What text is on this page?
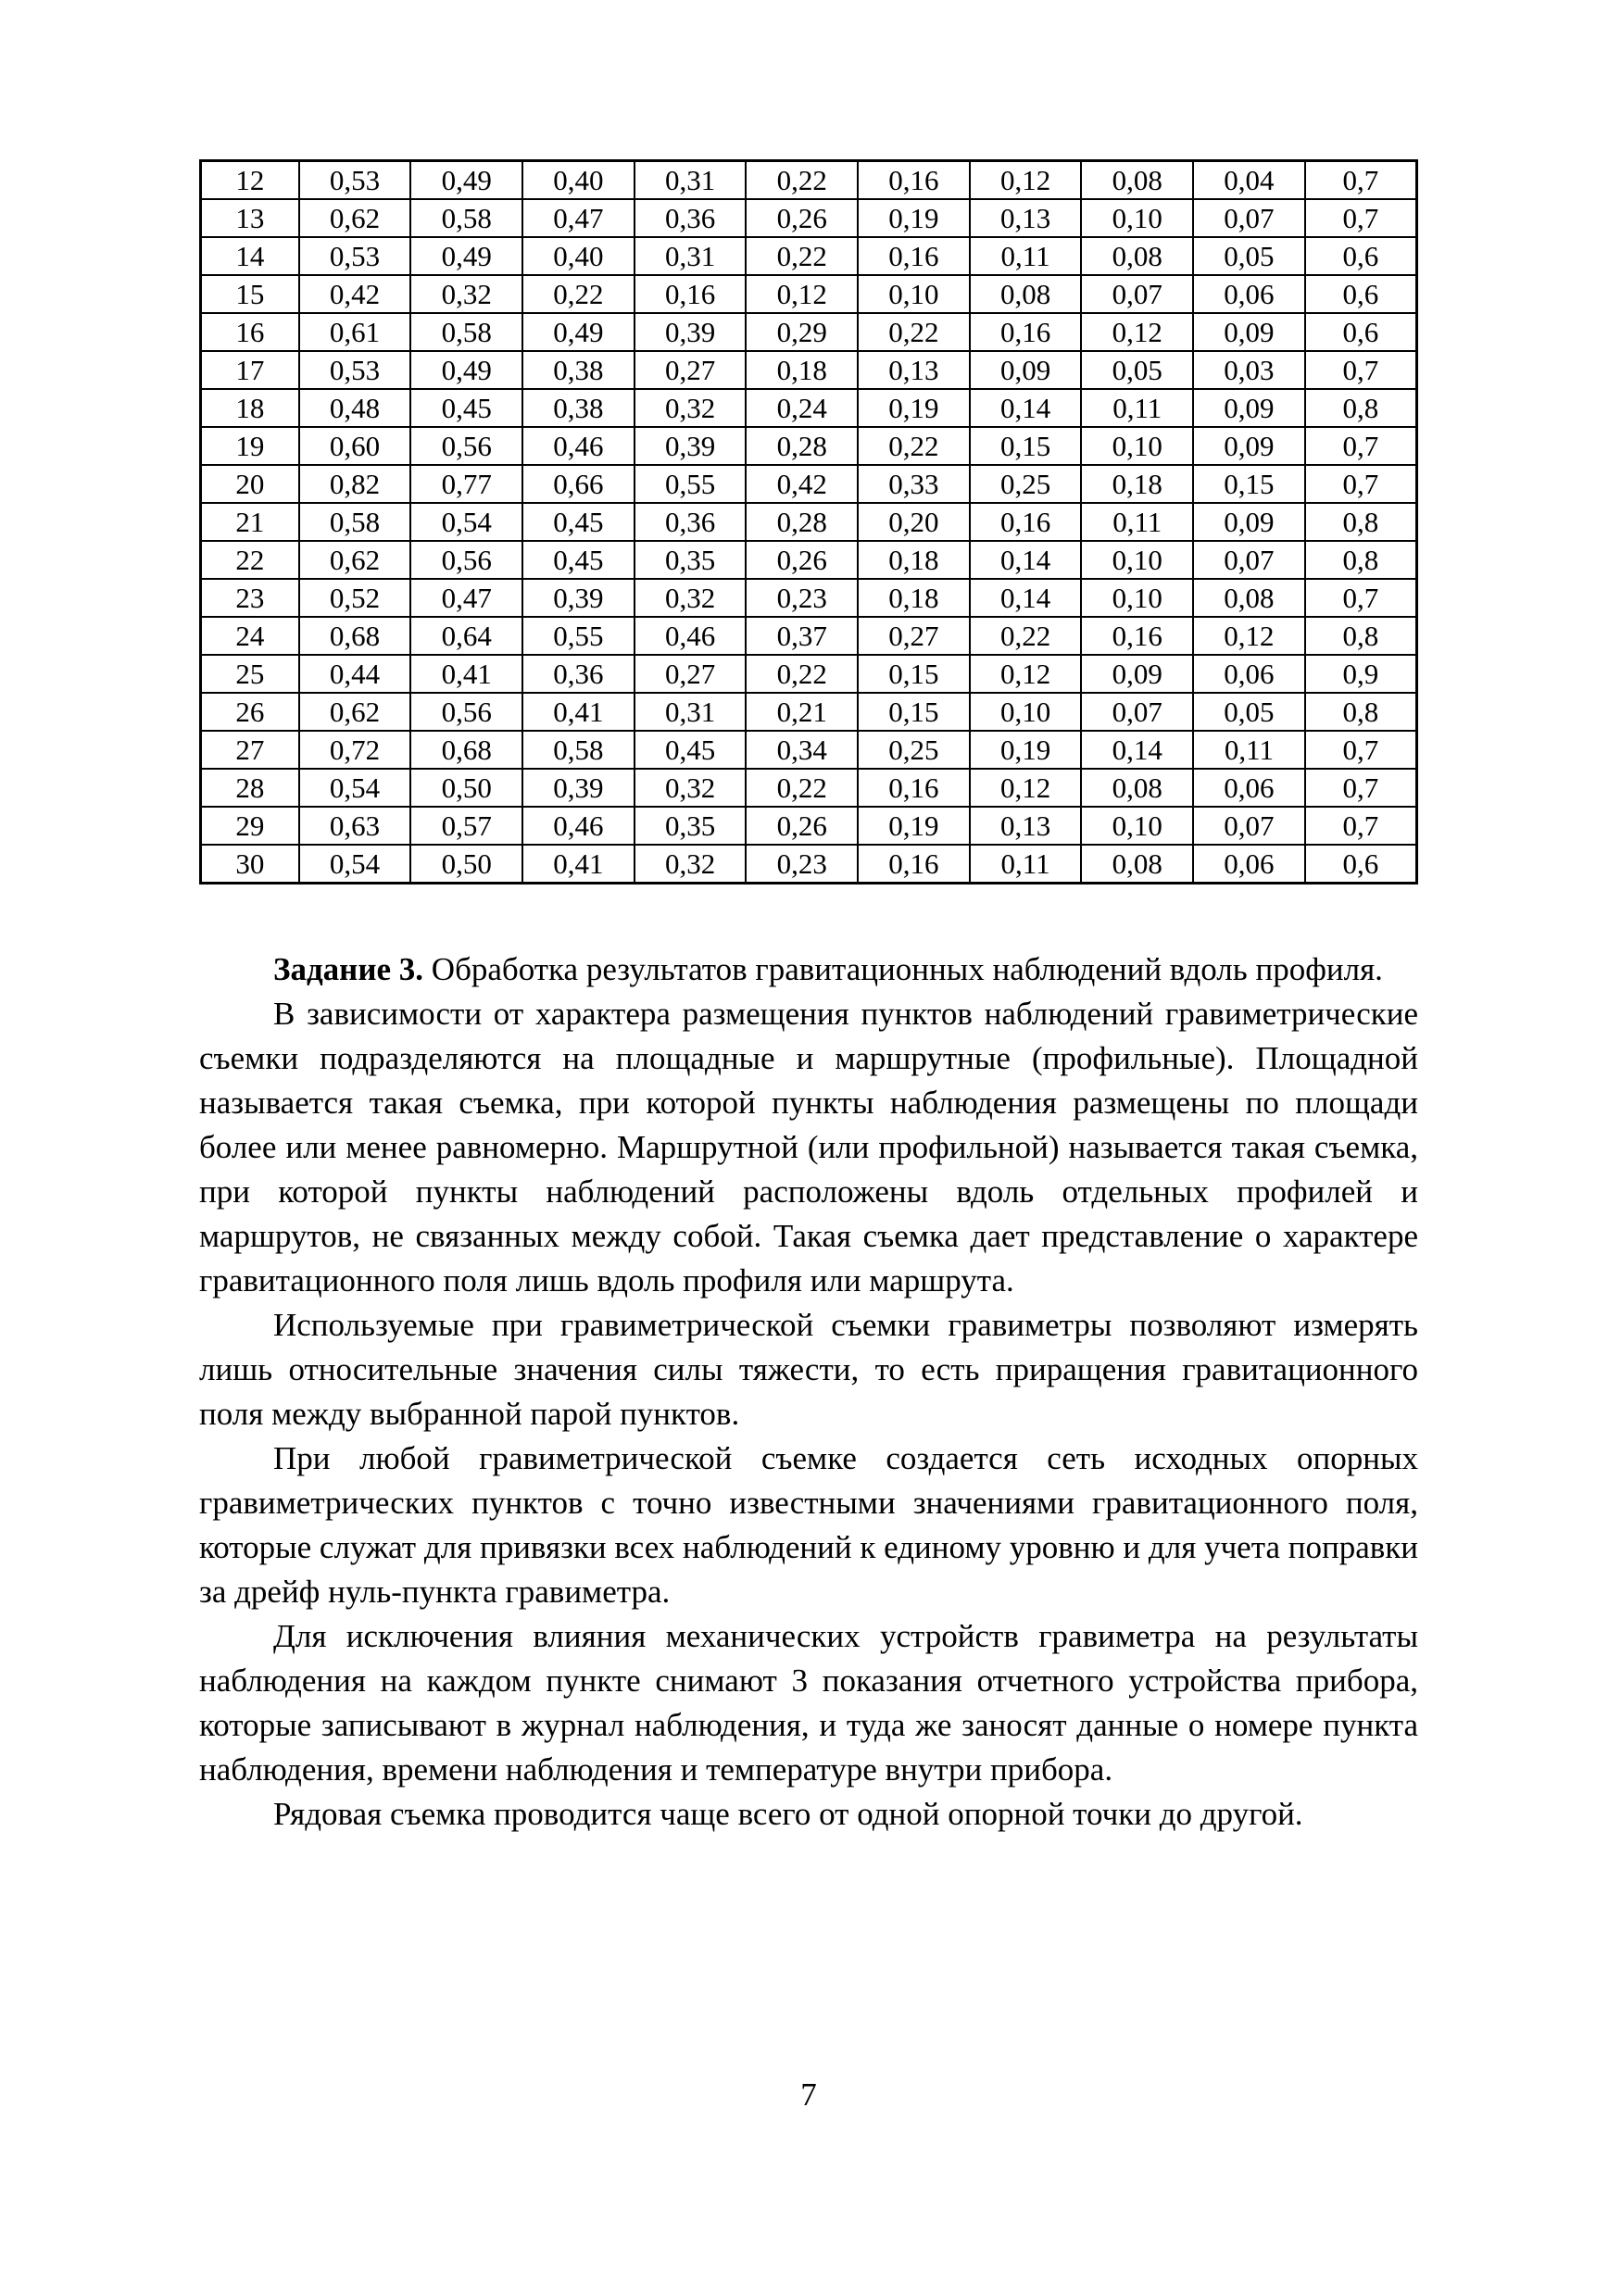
12	0,53	0,49	0,40	0,31	0,22	0,16	0,12	0,08	0,04	0,7
13	0,62	0,58	0,47	0,36	0,26	0,19	0,13	0,10	0,07	0,7
14	0,53	0,49	0,40	0,31	0,22	0,16	0,11	0,08	0,05	0,6
15	0,42	0,32	0,22	0,16	0,12	0,10	0,08	0,07	0,06	0,6
16	0,61	0,58	0,49	0,39	0,29	0,22	0,16	0,12	0,09	0,6
17	0,53	0,49	0,38	0,27	0,18	0,13	0,09	0,05	0,03	0,7
18	0,48	0,45	0,38	0,32	0,24	0,19	0,14	0,11	0,09	0,8
19	0,60	0,56	0,46	0,39	0,28	0,22	0,15	0,10	0,09	0,7
20	0,82	0,77	0,66	0,55	0,42	0,33	0,25	0,18	0,15	0,7
21	0,58	0,54	0,45	0,36	0,28	0,20	0,16	0,11	0,09	0,8
22	0,62	0,56	0,45	0,35	0,26	0,18	0,14	0,10	0,07	0,8
23	0,52	0,47	0,39	0,32	0,23	0,18	0,14	0,10	0,08	0,7
24	0,68	0,64	0,55	0,46	0,37	0,27	0,22	0,16	0,12	0,8
25	0,44	0,41	0,36	0,27	0,22	0,15	0,12	0,09	0,06	0,9
26	0,62	0,56	0,41	0,31	0,21	0,15	0,10	0,07	0,05	0,8
27	0,72	0,68	0,58	0,45	0,34	0,25	0,19	0,14	0,11	0,7
28	0,54	0,50	0,39	0,32	0,22	0,16	0,12	0,08	0,06	0,7
29	0,63	0,57	0,46	0,35	0,26	0,19	0,13	0,10	0,07	0,7
30	0,54	0,50	0,41	0,32	0,23	0,16	0,11	0,08	0,06	0,6

Задание 3. Обработка результатов гравитационных наблюдений вдоль профиля.

В зависимости от характера размещения пунктов наблюдений гравиметрические съемки подразделяются на площадные и маршрутные (профильные). Площадной называется такая съемка, при которой пункты наблюдения размещены по площади более или менее равномерно. Маршрутной (или профильной) называется такая съемка, при которой пункты наблюдений расположены вдоль отдельных профилей и маршрутов, не связанных между собой. Такая съемка дает представление о характере гравитационного поля лишь вдоль профиля или маршрута.

Используемые при гравиметрической съемки гравиметры позволяют измерять лишь относительные значения силы тяжести, то есть приращения гравитационного поля между выбранной парой пунктов.

При любой гравиметрической съемке создается сеть исходных опорных гравиметрических пунктов с точно известными значениями гравитационного поля, которые служат для привязки всех наблюдений к единому уровню и для учета поправки за дрейф нуль-пункта гравиметра.

Для исключения влияния механических устройств гравиметра на результаты наблюдения на каждом пункте снимают 3 показания отчетного устройства прибора, которые записывают в журнал наблюдения, и туда же заносят данные о номере пункта наблюдения, времени наблюдения и температуре внутри прибора.

Рядовая съемка проводится чаще всего от одной опорной точки до другой.

7
